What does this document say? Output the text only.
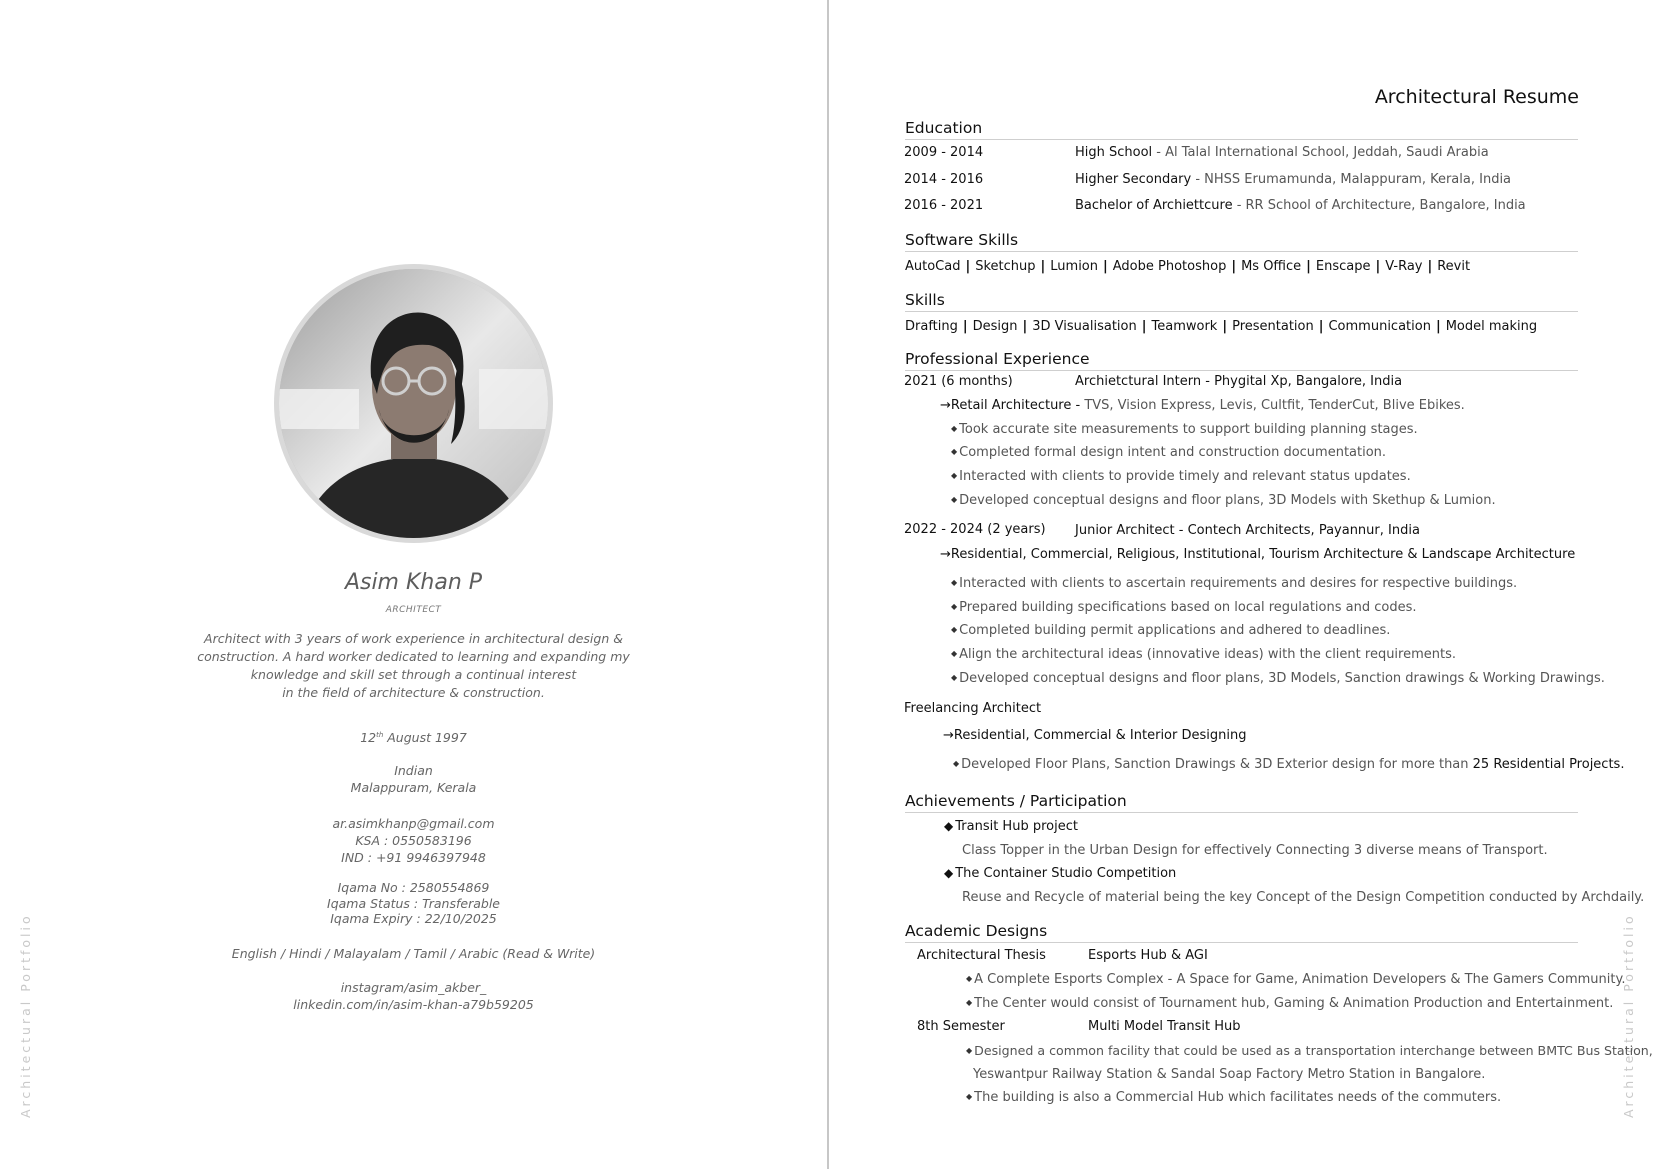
Architectural Portfolio	Architectural Portfolio
Asim Khan P
ARCHITECT
Architect with 3 years of work experience in architectural design &
construction. A hard worker dedicated to learning and expanding my
knowledge and skill set through a continual interest
in the field of architecture & construction.
12th August 1997
Indian
Malappuram, Kerala
ar.asimkhanp@gmail.com
KSA : 0550583196
IND : +91 9946397948
Iqama No : 2580554869
Iqama Status : Transferable
Iqama Expiry : 22/10/2025
English / Hindi / Malayalam / Tamil / Arabic (Read & Write)
instagram/asim_akber_
linkedin.com/in/asim-khan-a79b59205
Architectural Resume
Education
2009 - 2014	High School - Al Talal International School, Jeddah, Saudi Arabia
2014 - 2016	Higher Secondary - NHSS Erumamunda, Malappuram, Kerala, India
2016 - 2021	Bachelor of Archiettcure - RR School of Architecture, Bangalore, India
Software Skills
AutoCad | Sketchup | Lumion | Adobe Photoshop | Ms Office | Enscape | V-Ray | Revit
Skills
Drafting | Design | 3D Visualisation | Teamwork | Presentation | Communication | Model making
Professional Experience
2021 (6 months)	Archietctural Intern - Phygital Xp, Bangalore, India
→Retail Architecture - TVS, Vision Express, Levis, Cultfit, TenderCut, Blive Ebikes.
◆ Took accurate site measurements to support building planning stages.
◆ Completed formal design intent and construction documentation.
◆ Interacted with clients to provide timely and relevant status updates.
◆ Developed conceptual designs and floor plans, 3D Models with Skethup & Lumion.
2022 - 2024 (2 years) Junior Architect - Contech Architects, Payannur, India
→Residential, Commercial, Religious, Institutional, Tourism Architecture & Landscape Architecture
◆ Interacted with clients to ascertain requirements and desires for respective buildings.
◆ Prepared building specifications based on local regulations and codes.
◆ Completed building permit applications and adhered to deadlines.
◆ Align the architectural ideas (innovative ideas) with the client requirements.
◆ Developed conceptual designs and floor plans, 3D Models, Sanction drawings & Working Drawings.
Freelancing Architect
→Residential, Commercial & Interior Designing
◆ Developed Floor Plans, Sanction Drawings & 3D Exterior design for more than 25 Residential Projects.
Achievements / Participation
◆ Transit Hub project
Class Topper in the Urban Design for effectively Connecting 3 diverse means of Transport.
◆ The Container Studio Competition
Reuse and Recycle of material being the key Concept of the Design Competition conducted by Archdaily.
Academic Designs
Architectural Thesis	Esports Hub & AGI
◆ A Complete Esports Complex - A Space for Game, Animation Developers & The Gamers Community.
◆ The Center would consist of Tournament hub, Gaming & Animation Production and Entertainment.
8th Semester	Multi Model Transit Hub
◆ Designed a common facility that could be used as a transportation interchange between BMTC Bus Station,
Yeswantpur Railway Station & Sandal Soap Factory Metro Station in Bangalore.
◆ The building is also a Commercial Hub which facilitates needs of the commuters.
